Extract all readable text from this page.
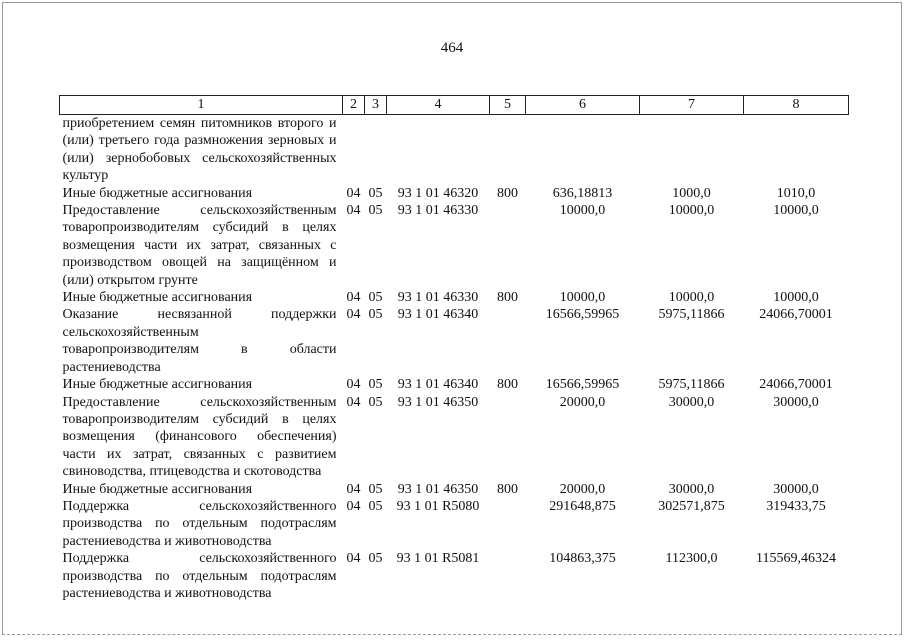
464
1	2	3	4	5	6	7	8
приобретением семян питомников второго и (или) третьего года размножения зерновых и (или) зернобобовых сельскохозяйственных культур							
Иные бюджетные ассигнования	04	05	93 1 01 46320	800	636,18813	1000,0	1010,0
Предоставление сельскохозяйственным товаропроизводителям субсидий в целях возмещения части их затрат, связанных с производством овощей на защищённом и (или) открытом грунте	04	05	93 1 01 46330		10000,0	10000,0	10000,0
Иные бюджетные ассигнования	04	05	93 1 01 46330	800	10000,0	10000,0	10000,0
Оказание несвязанной поддержки сельскохозяйственным товаропроизводителям в области растениеводства	04	05	93 1 01 46340		16566,59965	5975,11866	24066,70001
Иные бюджетные ассигнования	04	05	93 1 01 46340	800	16566,59965	5975,11866	24066,70001
Предоставление сельскохозяйственным товаропроизводителям субсидий в целях возмещения (финансового обеспечения) части их затрат, связанных с развитием свиноводства, птицеводства и скотоводства	04	05	93 1 01 46350		20000,0	30000,0	30000,0
Иные бюджетные ассигнования	04	05	93 1 01 46350	800	20000,0	30000,0	30000,0
Поддержка сельскохозяйственного производства по отдельным подотраслям растениеводства и животноводства	04	05	93 1 01 R5080		291648,875	302571,875	319433,75
Поддержка сельскохозяйственного производства по отдельным подотраслям растениеводства и животноводства	04	05	93 1 01 R5081		104863,375	112300,0	115569,46324
